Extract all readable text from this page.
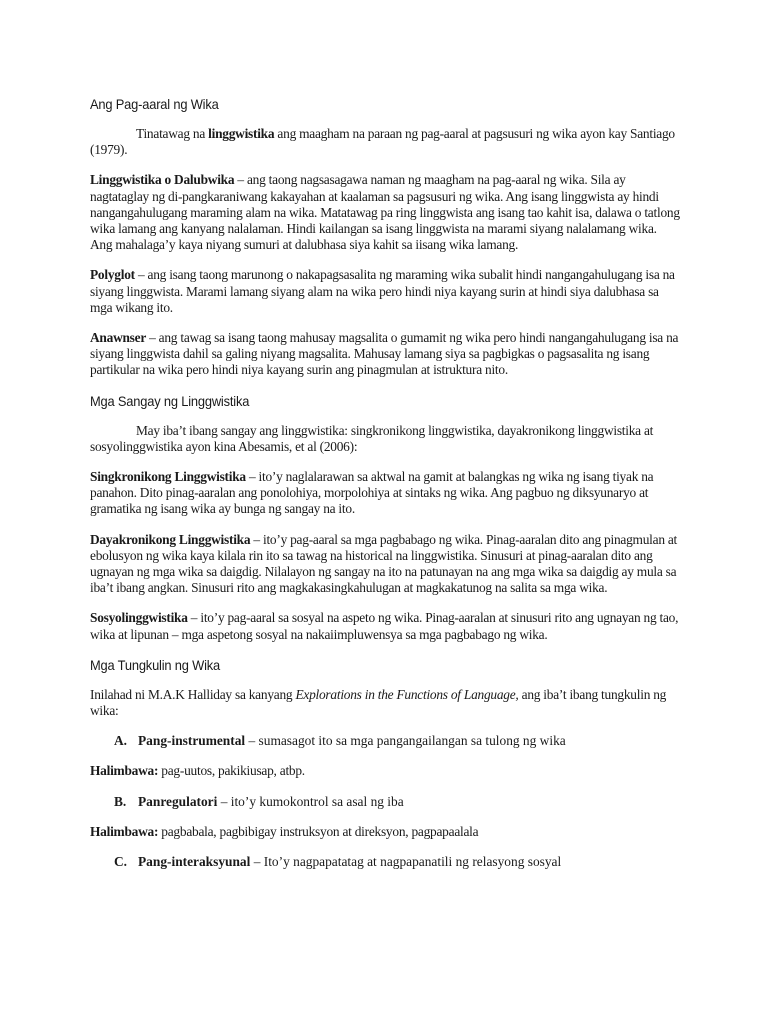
Ang Pag-aaral ng Wika

Tinatawag na linggwistika ang maagham na paraan ng pag-aaral at pagsusuri ng wika ayon kay Santiago (1979).

Linggwistika o Dalubwika – ang taong nagsasagawa naman ng maagham na pag-aaral ng wika. Sila ay nagtataglay ng di-pangkaraniwang kakayahan at kaalaman sa pagsusuri ng wika. Ang isang linggwista ay hindi nangangahulugang maraming alam na wika. Matatawag pa ring linggwista ang isang tao kahit isa, dalawa o tatlong wika lamang ang kanyang nalalaman. Hindi kailangan sa isang linggwista na marami siyang nalalamang wika. Ang mahalaga’y kaya niyang sumuri at dalubhasa siya kahit sa iisang wika lamang.

Polyglot – ang isang taong marunong o nakapagsasalita ng maraming wika subalit hindi nangangahulugang isa na siyang linggwista. Marami lamang siyang alam na wika pero hindi niya kayang surin at hindi siya dalubhasa sa mga wikang ito.

Anawnser – ang tawag sa isang taong mahusay magsalita o gumamit ng wika pero hindi nangangahulugang isa na siyang linggwista dahil sa galing niyang magsalita. Mahusay lamang siya sa pagbigkas o pagsasalita ng isang partikular na wika pero hindi niya kayang surin ang pinagmulan at istruktura nito.

Mga Sangay ng Linggwistika

May iba’t ibang sangay ang linggwistika: singkronikong linggwistika, dayakronikong linggwistika at sosyolinggwistika ayon kina Abesamis, et al (2006):

Singkronikong Linggwistika – ito’y naglalarawan sa aktwal na gamit at balangkas ng wika ng isang tiyak na panahon. Dito pinag-aaralan ang ponolohiya, morpolohiya at sintaks ng wika. Ang pagbuo ng diksyunaryo at gramatika ng isang wika ay bunga ng sangay na ito.

Dayakronikong Linggwistika – ito’y pag-aaral sa mga pagbabago ng wika. Pinag-aaralan dito ang pinagmulan at ebolusyon ng wika kaya kilala rin ito sa tawag na historical na linggwistika. Sinusuri at pinag-aaralan dito ang ugnayan ng mga wika sa daigdig. Nilalayon ng sangay na ito na patunayan na ang mga wika sa daigdig ay mula sa iba’t ibang angkan. Sinusuri rito ang magkakasingkahulugan at magkakatunog na salita sa mga wika.

Sosyolinggwistika – ito’y pag-aaral sa sosyal na aspeto ng wika. Pinag-aaralan at sinusuri rito ang ugnayan ng tao, wika at lipunan – mga aspetong sosyal na nakaiimpluwensya sa mga pagbabago ng wika.

Mga Tungkulin ng Wika

Inilahad ni M.A.K Halliday sa kanyang Explorations in the Functions of Language, ang iba’t ibang tungkulin ng wika:

A. Pang-instrumental – sumasagot ito sa mga pangangailangan sa tulong ng wika

Halimbawa: pag-uutos, pakikiusap, atbp.

B. Panregulatori – ito’y kumokontrol sa asal ng iba

Halimbawa: pagbabala, pagbibigay instruksyon at direksyon, pagpapaalala

C. Pang-interaksyunal – Ito’y nagpapatatag at nagpapanatili ng relasyong sosyal
